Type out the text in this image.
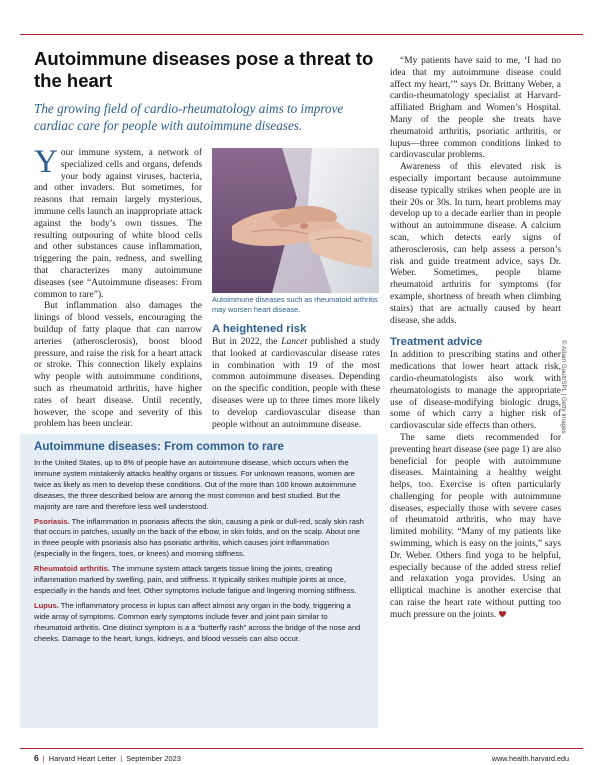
Autoimmune diseases pose a threat to the heart

The growing field of cardio-rheumatology aims to improve cardiac care for people with autoimmune diseases.

Your immune system, a network of specialized cells and organs, defends your body against viruses, bacteria, and other invaders. But sometimes, for reasons that remain largely mysterious, immune cells launch an inappropriate attack against the body’s own tissues. The resulting outpouring of white blood cells and other substances cause inflammation, triggering the pain, redness, and swelling that characterizes many autoimmune diseases (see “Autoimmune diseases: From common to rare”).

But inflammation also damages the linings of blood vessels, encouraging the buildup of fatty plaque that can narrow arteries (atherosclerosis), boost blood pressure, and raise the risk for a heart attack or stroke. This connection likely explains why people with autoimmune conditions, such as rheumatoid arthritis, have higher rates of heart disease. Until recently, however, the scope and severity of this problem has been unclear.

Autoimmune diseases such as rheumatoid arthritis may worsen heart disease.

A heightened risk

But in 2022, the Lancet published a study that looked at cardiovascular disease rates in combination with 19 of the most common autoimmune diseases. Depending on the specific condition, people with these diseases were up to three times more likely to develop cardiovascular disease than people without an autoimmune disease.

“My patients have said to me, ‘I had no idea that my autoimmune disease could affect my heart,’” says Dr. Brittany Weber, a cardio-rheumatology specialist at Harvard-affiliated Brigham and Women’s Hospital. Many of the people she treats have rheumatoid arthritis, psoriatic arthritis, or lupus—three common conditions linked to cardiovascular problems.

Awareness of this elevated risk is especially important because autoimmune disease typically strikes when people are in their 20s or 30s. In turn, heart problems may develop up to a decade earlier than in people without an autoimmune disease. A calcium scan, which detects early signs of atherosclerosis, can help assess a person’s risk and guide treatment advice, says Dr. Weber. Sometimes, people blame rheumatoid arthritis for symptoms (for example, shortness of breath when climbing stairs) that are actually caused by heart disease, she adds.

Treatment advice

In addition to prescribing statins and other medications that lower heart attack risk, cardio-rheumatologists also work with rheumatologists to manage the appropriate use of disease-modifying biologic drugs, some of which carry a higher risk of cardiovascular side effects than others.

The same diets recommended for preventing heart disease (see page 1) are also beneficial for people with autoimmune diseases. Maintaining a healthy weight helps, too. Exercise is often particularly challenging for people with autoimmune diseases, especially those with severe cases of rheumatoid arthritis, who may have limited mobility. “Many of my patients like swimming, which is easy on the joints,” says Dr. Weber. Others find yoga to be helpful, especially because of the added stress relief and relaxation yoga provides. Using an elliptical machine is another exercise that can raise the heart rate without putting too much pressure on the joints.

© Adam Gault/SPL | Getty Images
Autoimmune diseases: From common to rare

In the United States, up to 8% of people have an autoimmune disease, which occurs when the immune system mistakenly attacks healthy organs or tissues. For unknown reasons, women are twice as likely as men to develop these conditions. Out of the more than 100 known autoimmune diseases, the three described below are among the most common and best studied. But the majority are rare and therefore less well understood.

Psoriasis. The inflammation in psoriasis affects the skin, causing a pink or dull-red, scaly skin rash that occurs in patches, usually on the back of the elbow, in skin folds, and on the scalp. About one in three people with psoriasis also has psoriatic arthritis, which causes joint inflammation (especially in the fingers, toes, or knees) and morning stiffness.

Rheumatoid arthritis. The immune system attack targets tissue lining the joints, creating inflammation marked by swelling, pain, and stiffness. It typically strikes multiple joints at once, especially in the hands and feet. Other symptoms include fatigue and lingering morning stiffness.

Lupus. The inflammatory process in lupus can affect almost any organ in the body, triggering a wide array of symptoms. Common early symptoms include fever and joint pain similar to rheumatoid arthritis. One distinct symptom is a a “butterfly rash” across the bridge of the nose and cheeks. Damage to the heart, lungs, kidneys, and blood vessels can also occur.

6 | Harvard Heart Letter | September 2023	www.health.harvard.edu
